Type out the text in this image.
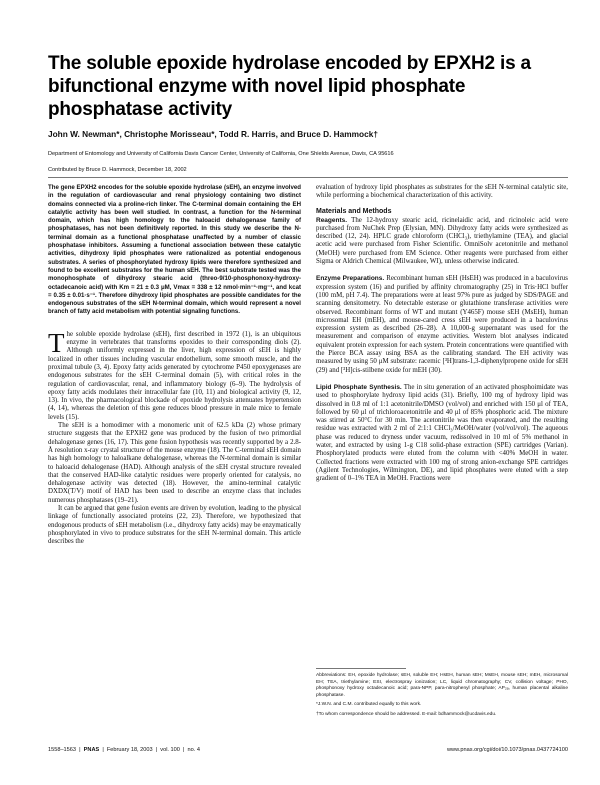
The soluble epoxide hydrolase encoded by EPXH2 is a bifunctional enzyme with novel lipid phosphate phosphatase activity

John W. Newman*, Christophe Morisseau*, Todd R. Harris, and Bruce D. Hammock†

Department of Entomology and University of California Davis Cancer Center, University of California, One Shields Avenue, Davis, CA 95616

Contributed by Bruce D. Hammock, December 18, 2002

The gene EPXH2 encodes for the soluble epoxide hydrolase (sEH), an enzyme involved in the regulation of cardiovascular and renal physiology containing two distinct domains connected via a proline-rich linker. The C-terminal domain containing the EH catalytic activity has been well studied. In contrast, a function for the N-terminal domain, which has high homology to the haloacid dehalogenase family of phosphatases, has not been definitively reported. In this study we describe the N-terminal domain as a functional phosphatase unaffected by a number of classic phosphatase inhibitors. Assuming a functional association between these catalytic activities, dihydroxy lipid phosphates were rationalized as potential endogenous substrates. A series of phosphorylated hydroxy lipids were therefore synthesized and found to be excellent substrates for the human sEH. The best substrate tested was the monophosphate of dihydroxy stearic acid (threo-9/10-phosphonoxy-hydroxy-octadecanoic acid) with Km = 21 ± 0.3 μM, Vmax = 338 ± 12 nmol·min⁻¹·mg⁻¹, and kcat = 0.35 ± 0.01·s⁻¹. Therefore dihydroxy lipid phosphates are possible candidates for the endogenous substrates of the sEH N-terminal domain, which would represent a novel branch of fatty acid metabolism with potential signaling functions.

The soluble epoxide hydrolase (sEH), first described in 1972 (1), is an ubiquitous enzyme in vertebrates that transforms epoxides to their corresponding diols (2). Although uniformly expressed in the liver, high expression of sEH is highly localized in other tissues including vascular endothelium, some smooth muscle, and the proximal tubule (3, 4). Epoxy fatty acids generated by cytochrome P450 epoxygenases are endogenous substrates for the sEH C-terminal domain (5), with critical roles in the regulation of cardiovascular, renal, and inflammatory biology (6–9). The hydrolysis of epoxy fatty acids modulates their intracellular fate (10, 11) and biological activity (9, 12, 13). In vivo, the pharmacological blockade of epoxide hydrolysis attenuates hypertension (4, 14), whereas the deletion of this gene reduces blood pressure in male mice to female levels (15).

The sEH is a homodimer with a monomeric unit of 62.5 kDa (2) whose primary structure suggests that the EPXH2 gene was produced by the fusion of two primordial dehalogenase genes (16, 17). This gene fusion hypothesis was recently supported by a 2.8-Å resolution x-ray crystal structure of the mouse enzyme (18). The C-terminal sEH domain has high homology to haloalkane dehalogenase, whereas the N-terminal domain is similar to haloacid dehalogenase (HAD). Although analysis of the sEH crystal structure revealed that the conserved HAD-like catalytic residues were properly oriented for catalysis, no dehalogenase activity was detected (18). However, the amino-terminal catalytic DXDX(T/V) motif of HAD has been used to describe an enzyme class that includes numerous phosphatases (19–21).

It can be argued that gene fusion events are driven by evolution, leading to the physical linkage of functionally associated proteins (22, 23). Therefore, we hypothesized that endogenous products of sEH metabolism (i.e., dihydroxy fatty acids) may be enzymatically phosphorylated in vivo to produce substrates for the sEH N-terminal domain. This article describes the

evaluation of hydroxy lipid phosphates as substrates for the sEH N-terminal catalytic site, while performing a biochemical characterization of this activity.

Materials and Methods

Reagents. The 12-hydroxy stearic acid, ricinelaidic acid, and ricinoleic acid were purchased from NuChek Prep (Elysian, MN). Dihydroxy fatty acids were synthesized as described (12, 24). HPLC grade chloroform (CHCl₃), triethylamine (TEA), and glacial acetic acid were purchased from Fisher Scientific. OmniSolv acetonitrile and methanol (MeOH) were purchased from EM Science. Other reagents were purchased from either Sigma or Aldrich Chemical (Milwaukee, WI), unless otherwise indicated.

Enzyme Preparations. Recombinant human sEH (HsEH) was produced in a baculovirus expression system (16) and purified by affinity chromatography (25) in Tris·HCl buffer (100 mM, pH 7.4). The preparations were at least 97% pure as judged by SDS/PAGE and scanning densitometry. No detectable esterase or glutathione transferase activities were observed. Recombinant forms of WT and mutant (Y465F) mouse sEH (MsEH), human microsomal EH (mEH), and mouse-cared cress sEH were produced in a baculovirus expression system as described (26–28). A 10,000-g supernatant was used for the measurement and comparison of enzyme activities. Western blot analyses indicated equivalent protein expression for each system. Protein concentrations were quantified with the Pierce BCA assay using BSA as the calibrating standard. The EH activity was measured by using 50 μM substrate: racemic [³H]trans-1,3-diphenylpropene oxide for sEH (29) and [³H]cis-stilbene oxide for mEH (30).

Lipid Phosphate Synthesis. The in situ generation of an activated phosphoimidate was used to phosphorylate hydroxy lipid acids (31). Briefly, 100 mg of hydroxy lipid was dissolved in 0.8 ml of 1:1 acetonitrile/DMSO (vol/vol) and enriched with 150 μl of TEA, followed by 60 μl of trichloroacetonitrile and 40 μl of 85% phosphoric acid. The mixture was stirred at 50°C for 30 min. The acetonitrile was then evaporated, and the resulting residue was extracted with 2 ml of 2:1:1 CHCl₃/MeOH/water (vol/vol/vol). The aqueous phase was reduced to dryness under vacuum, redissolved in 10 ml of 5% methanol in water, and extracted by using 1-g C18 solid-phase extraction (SPE) cartridges (Varian). Phosphorylated products were eluted from the column with <40% MeOH in water. Collected fractions were extracted with 100 mg of strong anion-exchange SPE cartridges (Agilent Technologies, Wilmington, DE), and lipid phosphates were eluted with a step gradient of 0–1% TEA in MeOH. Fractions were

Abbreviations: EH, epoxide hydrolase; sEH, soluble EH; HsEH, human sEH; MsEH, mouse sEH; mEH, microsomal EH; TEA, triethylamine; ESI, electrospray ionization; LC, liquid chromatography; CV, collision voltage; PHO, phosphonoxy hydroxy octadecanoic acid; para-NPP, para-nitrophenyl phosphate; AP₂ₐ, human placental alkaline phosphatase.

*J.W.N. and C.M. contributed equally to this work.

†To whom correspondence should be addressed. E-mail: bdhammock@ucdavis.edu.

1558–1563  |  PNAS  |  February 18, 2003  |  vol. 100  |  no. 4	www.pnas.org/cgi/doi/10.1073/pnas.0437724100
